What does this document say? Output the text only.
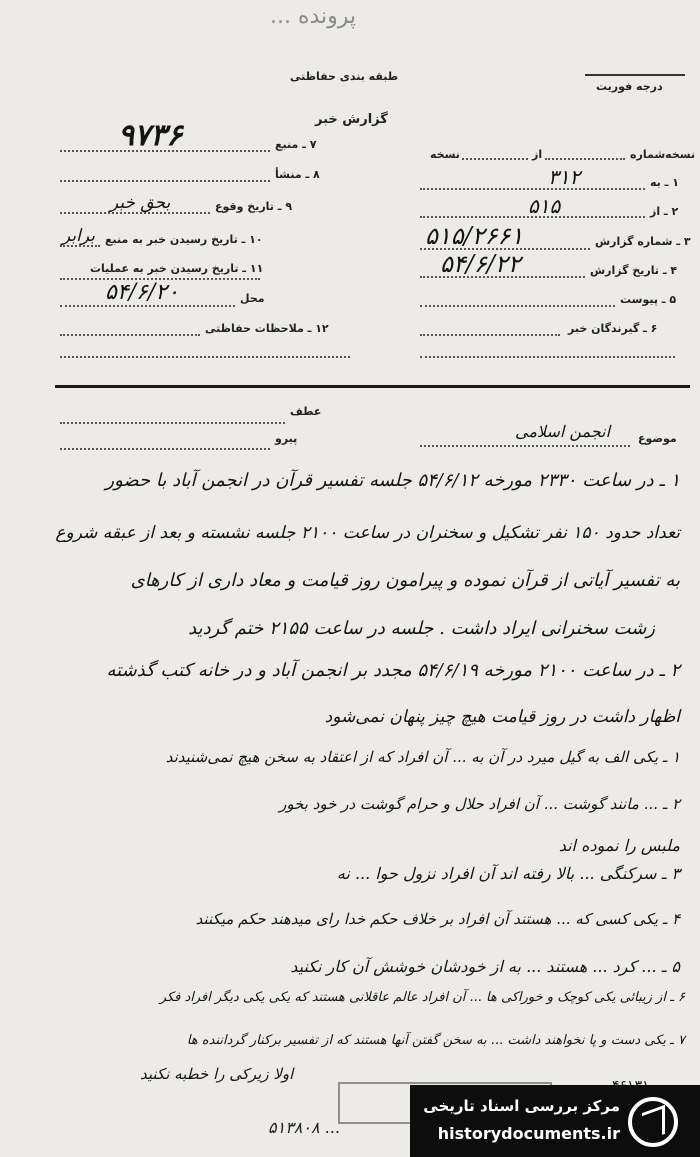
پرونده ...
درجه فوریت
طبقه بندی حفاظتی
گزارش خبر
۷ ـ منبع
۹۷۳۶
۸ ـ منشأ
۹ ـ تاریخ وقوع
بحق خبر
۱۰ ـ تاریخ رسیدن خبر به منبع
برابر
۱۱ ـ تاریخ رسیدن خبر به عملیات
محل
۵۴/۶/۲۰
۱۲ ـ ملاحظات حفاظتی
نسخه‌شماره
از
نسخه
۱ ـ به
۳۱۲
۲ ـ از
۵۱۵
۳ ـ شماره گزارش
۵۱۵/۲۶۶۱
۴ ـ تاریخ گزارش
۵۴/۶/۲۲
۵ ـ پیوست
۶ ـ گیرندگان خبر
عطف
پیرو	موضوع
انجمن اسلامی
۱ ـ در ساعت ۲۳۳۰ مورخه ۵۴/۶/۱۲ جلسه تفسیر قرآن در انجمن آباد با حضور
تعداد حدود ۱۵۰ نفر تشکیل و سخنران در ساعت ۲۱۰۰ جلسه نشسته و بعد از عبقه شروع
به تفسیر آیاتی از قرآن نموده و پیرامون روز قیامت و معاد داری از کارهای
زشت سخنرانی ایراد داشت . جلسه در ساعت ۲۱۵۵ ختم گردید
۲ ـ در ساعت ۲۱۰۰ مورخه ۵۴/۶/۱۹ مجدد بر انجمن آباد و در خانه کتب گذشته
اظهار داشت در روز قیامت هیچ چیز پنهان نمی‌شود
۱ ـ یکی الف به گیل میرد در آن به ... آن افراد که از اعتقاد به سخن هیچ نمی‌شنیدند
۲ ـ ... مانند گوشت ... آن افراد حلال و حرام گوشت در خود بخور
ملبس را نموده اند
۳ ـ سرکنگی ... بالا رفته اند آن افراد نزول حوا ... نه
۴ ـ یکی کسی که ... هستند آن افراد بر خلاف حکم خدا رای میدهند حکم میکنند
۵ ـ ... کرد ... هستند ... به از خودشان خوشش آن کار نکنید
۶ ـ از زیبائی یکی کوچک و خوراکی ها ... آن افراد عالم عاقلانی هستند که یکی یکی دیگر افراد فکر
۷ ـ یکی دست و پا نخواهند داشت ... به سخن گفتن آنها هستند که از تفسیر برکنار گرداننده ها
اولا زیرکی را خطبه نکنید
۵۱۳۸۰۸ ...
مرکز بررسی اسناد تاریخی
historydocuments.ir
